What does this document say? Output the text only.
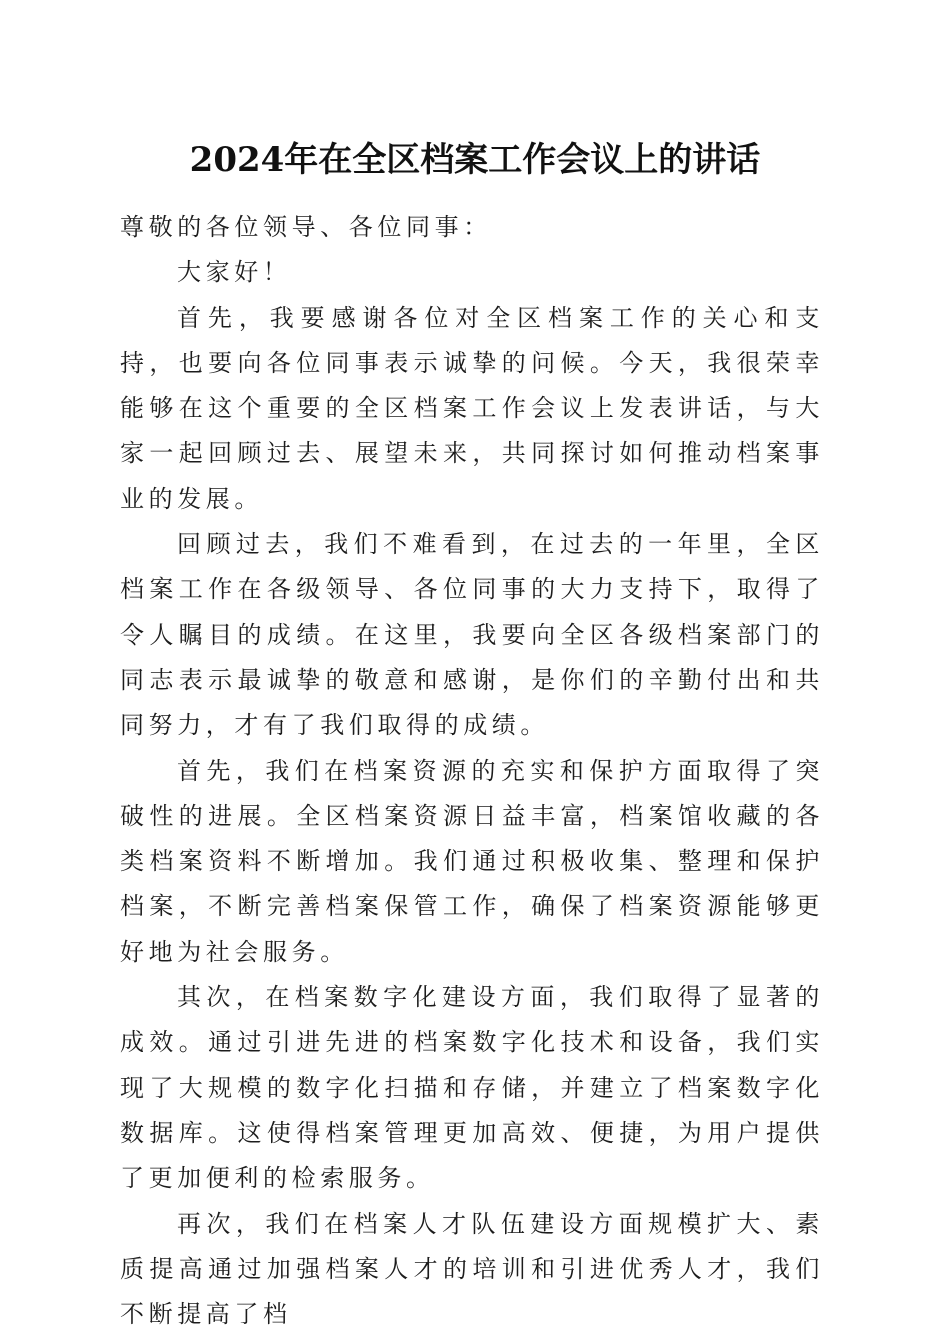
2024年在全区档案工作会议上的讲话

尊敬的各位领导、各位同事：

大家好！

首先，我要感谢各位对全区档案工作的关心和支持，也要向各位同事表示诚挚的问候。今天，我很荣幸能够在这个重要的全区档案工作会议上发表讲话，与大家一起回顾过去、展望未来，共同探讨如何推动档案事业的发展。

回顾过去，我们不难看到，在过去的一年里，全区档案工作在各级领导、各位同事的大力支持下，取得了令人瞩目的成绩。在这里，我要向全区各级档案部门的同志表示最诚挚的敬意和感谢，是你们的辛勤付出和共同努力，才有了我们取得的成绩。

首先，我们在档案资源的充实和保护方面取得了突破性的进展。全区档案资源日益丰富，档案馆收藏的各类档案资料不断增加。我们通过积极收集、整理和保护档案，不断完善档案保管工作，确保了档案资源能够更好地为社会服务。

其次，在档案数字化建设方面，我们取得了显著的成效。通过引进先进的档案数字化技术和设备，我们实现了大规模的数字化扫描和存储，并建立了档案数字化数据库。这使得档案管理更加高效、便捷，为用户提供了更加便利的检索服务。

再次，我们在档案人才队伍建设方面规模扩大、素质提高通过加强档案人才的培训和引进优秀人才，我们不断提高了档
